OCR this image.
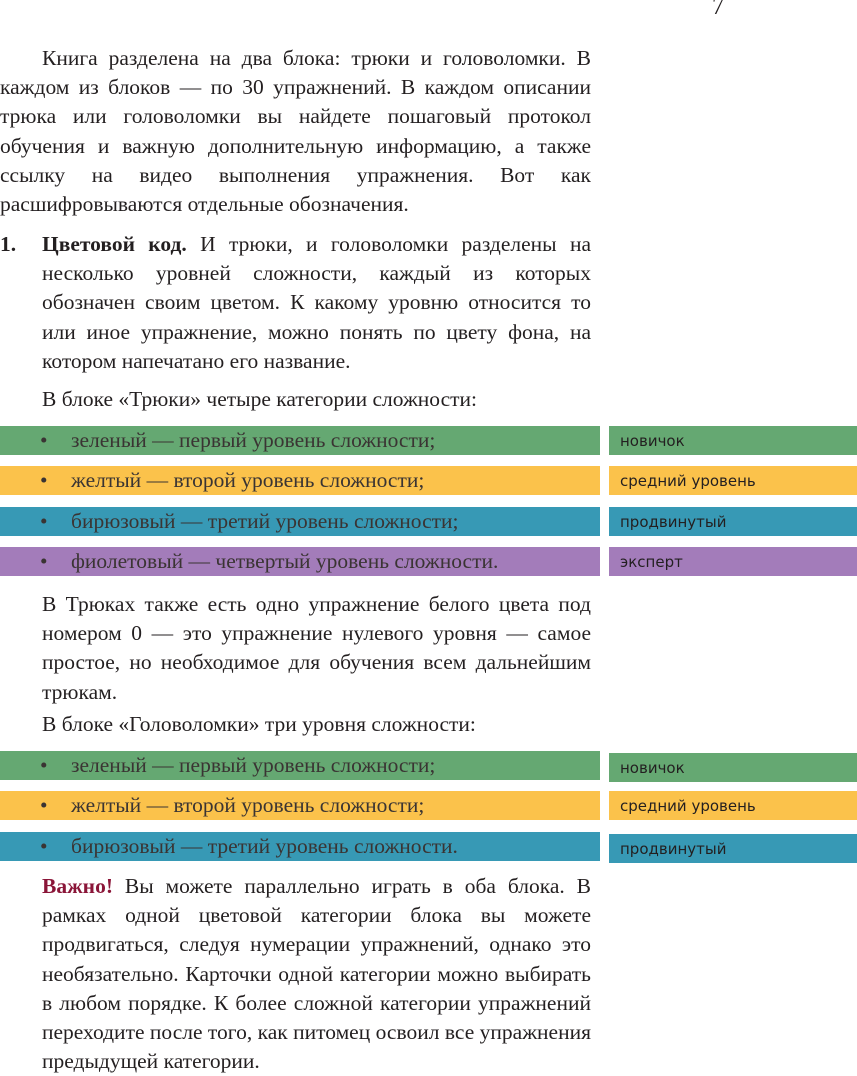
7

Книга разделена на два блока: трюки и головоломки. В каждом из блоков — по 30 упражнений. В каждом описании трюка или головоломки вы найдете пошаговый протокол обучения и важную дополнительную информацию, а также ссылку на видео выполнения упражнения. Вот как расшифровываются отдельные обозначения.

1. Цветовой код. И трюки, и головоломки разделены на несколько уровней сложности, каждый из которых обозначен своим цветом. К какому уровню относится то или иное упражнение, можно понять по цвету фона, на котором напечатано его название.

В блоке «Трюки» четыре категории сложности:

• зеленый — первый уровень сложности;	новичок
• желтый — второй уровень сложности;	средний уровень
• бирюзовый — третий уровень сложности;	продвинутый
• фиолетовый — четвертый уровень сложности.	эксперт

В Трюках также есть одно упражнение белого цвета под номером 0 — это упражнение нулевого уровня — самое простое, но необходимое для обучения всем дальнейшим трюкам.

В блоке «Головоломки» три уровня сложности:

• зеленый — первый уровень сложности;	новичок
• желтый — второй уровень сложности;	средний уровень
• бирюзовый — третий уровень сложности.	продвинутый

Важно! Вы можете параллельно играть в оба блока. В рамках одной цветовой категории блока вы можете продвигаться, следуя нумерации упражнений, однако это необязательно. Карточки одной категории можно выбирать в любом порядке. К более сложной категории упражнений переходите после того, как питомец освоил все упражнения предыдущей категории.
